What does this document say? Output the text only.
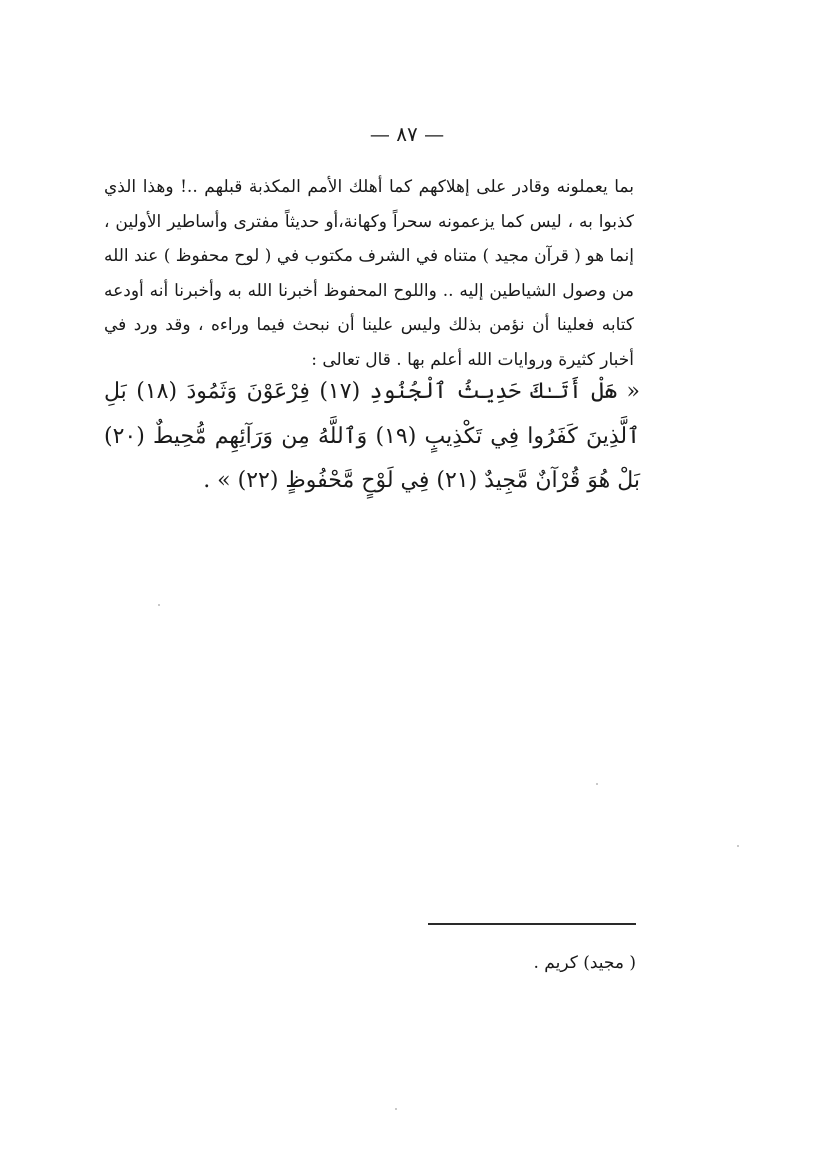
— ٨٧ —

بما يعملونه وقادر على إهلاكهم كما أهلك الأمم المكذبة قبلهم ..! وهذا الذي كذبوا به ، ليس كما يزعمونه سحراً وكهانة،أو حديثاً مفترى وأساطير الأولين ، إنما هو ( قرآن مجيد ) متناه في الشرف مكتوب في ( لوح محفوظ ) عند الله من وصول الشياطين إليه .. واللوح المحفوظ أخبرنا الله به وأخبرنا أنه أودعه كتابه فعلينا أن نؤمن بذلك وليس علينا أن نبحث فيما وراءه ، وقد ورد في أخبار كثيرة وروايات الله أعلم بها . قال تعالى :

« هَلْ أَتَـٰكَ حَدِيثُ ٱلْجُنُودِ (١٧) فِرْعَوْنَ وَثَمُودَ (١٨) بَلِ ٱلَّذِينَ كَفَرُوا فِي تَكْذِيبٍ (١٩) وَٱللَّهُ مِن وَرَآئِهِم مُّحِيطٌ (٢٠) بَلْ هُوَ قُرْآنٌ مَّجِيدٌ (٢١) فِي لَوْحٍ مَّحْفُوظٍ (٢٢) » .

( مجيد) كريم .
